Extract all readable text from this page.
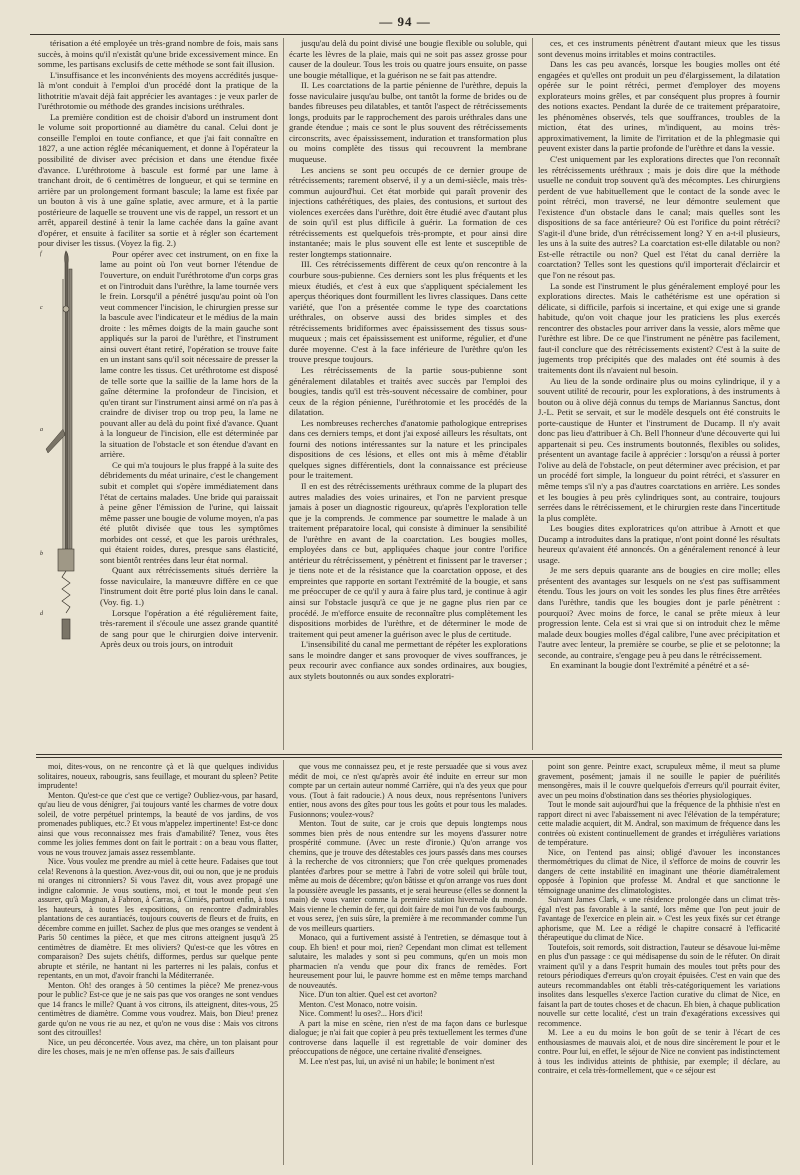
— 94 —

térisation a été employée un très-grand nombre de fois, mais sans succès, à moins qu'il n'existât qu'une bride excessivement mince. En somme, les partisans exclusifs de cette méthode se sont fait illusion.

L'insuffisance et les inconvénients des moyens accrédités jusque-là m'ont conduit à l'emploi d'un procédé dont la pratique de la lithotritie m'avait déjà fait apprécier les avantages : je veux parler de l'uréthrotomie ou méthode des grandes incisions uréthrales.

La première condition est de choisir d'abord un instrument dont le volume soit proportionné au diamètre du canal. Celui dont je conseille l'emploi en toute confiance, et que j'ai fait connaître en 1827, a une action réglée mécaniquement, et donne à l'opérateur la possibilité de diviser avec précision et dans une étendue fixée d'avance. L'uréthrotome à bascule est formé par une lame à tranchant droit, de 6 centimètres de longueur, et qui se termine en arrière par un prolongement formant bascule; la lame est fixée par un bouton à vis à une gaîne splatie, avec armure, et à la partie postérieure de laquelle se trouvent une vis de rappel, un ressort et un arrêt, appareil destiné à tenir la lame cachée dans la gaîne avant d'opérer, et ensuite à faciliter sa sortie et à régler son écartement pour diviser les tissus. (Voyez la fig. 2.)

f
c
a
b
d

Pour opérer avec cet instrument, on en fixe la lame au point où l'on veut borner l'étendue de l'ouverture, on enduit l'uréthrotome d'un corps gras et on l'introduit dans l'urèthre, la lame tournée vers le frein. Lorsqu'il a pénétré jusqu'au point où l'on veut commencer l'incision, le chirurgien presse sur la bascule avec l'indicateur et le médius de la main droite : les mêmes doigts de la main gauche sont appliqués sur la paroi de l'urèthre, et l'instrument ainsi ouvert étant retiré, l'opération se trouve faite en un instant sans qu'il soit nécessaire de presser la lame contre les tissus. Cet uréthrotome est disposé de telle sorte que la saillie de la lame hors de la gaîne détermine la profondeur de l'incision, et qu'en tirant sur l'instrument ainsi armé on n'a pas à craindre de diviser trop ou trop peu, la lame ne pouvant aller au delà du point fixé d'avance. Quant à la longueur de l'incision, elle est déterminée par la situation de l'obstacle et son étendue d'avant en arrière.

Ce qui m'a toujours le plus frappé à la suite des débridements du méat urinaire, c'est le changement subit et complet qui s'opère immédiatement dans l'état de certains malades. Une bride qui paraissait à peine gêner l'émission de l'urine, qui laissait même passer une bougie de volume moyen, n'a pas été plutôt divisée que tous les symptômes morbides ont cessé, et que les parois uréthrales, qui étaient roides, dures, presque sans élasticité, sont bientôt rentrées dans leur état normal.

Quant aux rétrécissements situés derrière la fosse naviculaire, la manœuvre diffère en ce que l'instrument doit être porté plus loin dans le canal. (Voy. fig. 1.)

Lorsque l'opération a été régulièrement faite, très-rarement il s'écoule une assez grande quantité de sang pour que le chirurgien doive intervenir. Après deux ou trois jours, on introduit

jusqu'au delà du point divisé une bougie flexible ou soluble, qui écarte les lèvres de la plaie, mais qui ne soit pas assez grosse pour causer de la douleur. Tous les trois ou quatre jours ensuite, on passe une bougie métallique, et la guérison ne se fait pas attendre.

II. Les coarctations de la partie pénienne de l'urèthre, depuis la fosse naviculaire jusqu'au bulbe, ont tantôt la forme de brides ou de bandes fibreuses peu dilatables, et tantôt l'aspect de rétrécissements longs, produits par le rapprochement des parois uréthrales dans une grande étendue ; mais ce sont le plus souvent des rétrécissements circonscrits, avec épaississement, induration et transformation plus ou moins complète des tissus qui recouvrent la membrane muqueuse.

Les anciens se sont peu occupés de ce dernier groupe de rétrécissements; rarement observé, il y a un demi-siècle, mais très-commun aujourd'hui. Cet état morbide qui paraît provenir des injections cathérétiques, des plaies, des contusions, et surtout des violences exercées dans l'urèthre, doit être étudié avec d'autant plus de soin qu'il est plus difficile à guérir. La formation de ces rétrécissements est quelquefois très-prompte, et pour ainsi dire instantanée; mais le plus souvent elle est lente et susceptible de rester longtemps stationnaire.

III. Ces rétrécissements diffèrent de ceux qu'on rencontre à la courbure sous-pubienne. Ces derniers sont les plus fréquents et les mieux étudiés, et c'est à eux que s'appliquent spécialement les aperçus théoriques dont fourmillent les livres classiques. Dans cette variété, que l'on a présentée comme le type des coarctations uréthrales, on observe aussi des brides simples et des rétrécissements bridiformes avec épaississement des tissus sous-muqueux ; mais cet épaississement est uniforme, régulier, et d'une durée moyenne. C'est à la face inférieure de l'urèthre qu'on les trouve presque toujours.

Les rétrécissements de la partie sous-pubienne sont généralement dilatables et traités avec succès par l'emploi des bougies, tandis qu'il est très-souvent nécessaire de combiner, pour ceux de la région pénienne, l'uréthrotomie et les procédés de la dilatation.

Les nombreuses recherches d'anatomie pathologique entreprises dans ces derniers temps, et dont j'ai exposé ailleurs les résultats, ont fourni des notions intéressantes sur la nature et les principales dispositions de ces lésions, et elles ont mis à même d'établir quelques signes différentiels, dont la connaissance est précieuse pour le traitement.

Il en est des rétrécissements uréthraux comme de la plupart des autres maladies des voies urinaires, et l'on ne parvient presque jamais à poser un diagnostic rigoureux, qu'après l'exploration telle que je la comprends. Je commence par soumettre le malade à un traitement préparatoire local, qui consiste à diminuer la sensibilité de l'urèthre en avant de la coarctation. Les bougies molles, employées dans ce but, appliquées chaque jour contre l'orifice antérieur du rétrécissement, y pénètrent et finissent par le traverser ; je tiens note et de la résistance que la coarctation oppose, et des empreintes que rapporte en sortant l'extrémité de la bougie, et sans me préoccuper de ce qu'il y aura à faire plus tard, je continue à agir ainsi sur l'obstacle jusqu'à ce que je ne gagne plus rien par ce procédé. Je m'efforce ensuite de reconnaître plus complètement les dispositions morbides de l'urèthre, et de déterminer le mode de traitement qui peut amener la guérison avec le plus de certitude.

L'insensibilité du canal me permettant de répéter les explorations sans le moindre danger et sans provoquer de vives souffrances, je peux recourir avec confiance aux sondes ordinaires, aux bougies, aux stylets boutonnés ou aux sondes exploratri-

ces, et ces instruments pénètrent d'autant mieux que les tissus sont devenus moins irritables et moins contractiles.

Dans les cas peu avancés, lorsque les bougies molles ont été engagées et qu'elles ont produit un peu d'élargissement, la dilatation opérée sur le point rétréci, permet d'employer des moyens explorateurs moins grêles, et par conséquent plus propres à fournir des notions exactes. Pendant la durée de ce traitement préparatoire, les phénomènes observés, tels que souffrances, troubles de la miction, état des urines, m'indiquent, au moins très-approximativement, la limite de l'irritation et de la phlegmasie qui peuvent exister dans la partie profonde de l'urèthre et dans la vessie.

C'est uniquement par les explorations directes que l'on reconnaît les rétrécissements uréthraux ; mais je dois dire que la méthode usuelle ne conduit trop souvent qu'à des mécomptes. Les chirurgiens perdent de vue habituellement que le contact de la sonde avec le point rétréci, mon traversé, ne leur démontre seulement que l'existence d'un obstacle dans le canal; mais quelles sont les dispositions de sa face antérieure? Où est l'orifice du point rétréci? S'agit-il d'une bride, d'un rétrécissement long? Y en a-t-il plusieurs, les uns à la suite des autres? La coarctation est-elle dilatable ou non? Est-elle rétractile ou non? Quel est l'état du canal derrière la coarctation? Telles sont les questions qu'il importerait d'éclaircir et que l'on ne résout pas.

La sonde est l'instrument le plus généralement employé pour les explorations directes. Mais le cathétérisme est une opération si délicate, si difficile, parfois si incertaine, et qui exige une si grande habitude, qu'on voit chaque jour les praticiens les plus exercés rencontrer des obstacles pour arriver dans la vessie, alors même que l'urèthre est libre. De ce que l'instrument ne pénètre pas facilement, faut-il conclure que des rétrécissements existent? C'est à la suite de jugements trop précipités que des malades ont été soumis à des traitements dont ils n'avaient nul besoin.

Au lieu de la sonde ordinaire plus ou moins cylindrique, il y a souvent utilité de recourir, pour les explorations, à des instruments à bouton ou à olive déjà connus du temps de Mariannus Sanctus, dont J.-L. Petit se servait, et sur le modèle desquels ont été construits le porte-caustique de Hunter et l'instrument de Ducamp. Il n'y avait donc pas lieu d'attribuer à Ch. Bell l'honneur d'une découverte qui lui appartenait si peu. Ces instruments boutonnés, flexibles ou solides, présentent un avantage facile à apprécier : lorsqu'on a réussi à porter l'olive au delà de l'obstacle, on peut déterminer avec précision, et par un procédé fort simple, la longueur du point rétréci, et s'assurer en même temps s'il n'y a pas d'autres coarctations en arrière. Les sondes et les bougies à peu près cylindriques sont, au contraire, toujours serrées dans le rétrécissement, et le chirurgien reste dans l'incertitude la plus complète.

Les bougies dites exploratrices qu'on attribue à Arnott et que Ducamp a introduites dans la pratique, n'ont point donné les résultats heureux qu'avaient été annoncés. On a généralement renoncé à leur usage.

Je me sers depuis quarante ans de bougies en cire molle; elles présentent des avantages sur lesquels on ne s'est pas suffisamment étendu. Tous les jours on voit les sondes les plus fines être arrêtées dans l'urèthre, tandis que les bougies dont je parle pénètrent : pourquoi? Avec moins de force, le canal se prête mieux à leur progression lente. Cela est si vrai que si on introduit chez le même malade deux bougies molles d'égal calibre, l'une avec précipitation et l'autre avec lenteur, la première se courbe, se plie et se pelotonne; la seconde, au contraire, s'engage peu à peu dans le rétrécissement.

En examinant la bougie dont l'extrémité a pénétré et a sé-

moi, dites-vous, on ne rencontre çà et là que quelques individus solitaires, noueux, rabougris, sans feuillage, et mourant du spleen? Petite imprudente!

Menton. Qu'est-ce que c'est que ce vertige? Oubliez-vous, par hasard, qu'au lieu de vous dénigrer, j'ai toujours vanté les charmes de votre doux soleil, de votre perpétuel printemps, la beauté de vos jardins, de vos promenades publiques, etc.? Et vous m'appelez impertinente! Est-ce donc ainsi que vous reconnaissez mes frais d'amabilité? Tenez, vous êtes comme les jolies femmes dont on fait le portrait : on a beau vous flatter, vous ne vous trouvez jamais assez ressemblante.

Nice. Vous voulez me prendre au miel à cette heure. Fadaises que tout cela! Revenons à la question. Avez-vous dit, oui ou non, que je ne produis ni oranges ni citronniers? Si vous l'avez dit, vous avez propagé une indigne calomnie. Je vous soutiens, moi, et tout le monde peut s'en assurer, qu'à Magnan, à Fabron, à Carras, à Cimiés, partout enfin, à tous les hauteurs, à toutes les expositions, on rencontre d'admirables plantations de ces aurantiacés, toujours couverts de fleurs et de fruits, en décembre comme en juillet. Sachez de plus que mes oranges se vendent à Paris 50 centimes la pièce, et que mes citrons atteignent jusqu'à 25 centimètres de diamètre. Et mes oliviers? Qu'est-ce que les vôtres en comparaison? Des sujets chétifs, difformes, perdus sur quelque pente abrupte et stérile, ne hantant ni les parterres ni les palais, confus et repentants, en un mot, d'avoir franchi la Méditerranée.

Menton. Oh! des oranges à 50 centimes la pièce? Me prenez-vous pour le public? Est-ce que je ne sais pas que vos oranges ne sont vendues que 14 francs le mille? Quant à vos citrons, ils atteignent, dites-vous, 25 centimètres de diamètre. Comme vous voudrez. Mais, bon Dieu! prenez garde qu'on ne vous rie au nez, et qu'on ne vous dise : Mais vos citrons sont des citrouilles!

Nice, un peu déconcertée. Vous avez, ma chère, un ton plaisant pour dire les choses, mais je ne m'en offense pas. Je sais d'ailleurs

que vous me connaissez peu, et je reste persuadée que si vous avez médit de moi, ce n'est qu'après avoir été induite en erreur sur mon compte par un certain auteur nommé Carrière, qui n'a des yeux que pour vous. (Tout à fait radoucie.) A nous deux, nous représentons l'univers entier, nous avons des gîtes pour tous les goûts et pour tous les malades. Fusionnons; voulez-vous?

Menton. Tout de suite, car je crois que depuis longtemps nous sommes bien près de nous entendre sur les moyens d'assurer notre prospérité commune. (Avec un reste d'ironie.) Qu'on arrange vos chemins, que je trouve des détestables ces jours passés dans mes courses à la recherche de vos citronniers; que l'on crée quelques promenades plantées d'arbres pour se mettre à l'abri de votre soleil qui brûle tout, même au mois de décembre; qu'on bâtisse et qu'on arrange vos rues dont la poussière aveugle les passants, et je serai heureuse (elles se donnent la main) de vous vanter comme la première station hivernale du monde. Mais vienne le chemin de fer, qui doit faire de moi l'un de vos faubourgs, et vous serez, j'en suis sûre, la première à me recommander comme l'un de vos meilleurs quartiers.

Monaco, qui a furtivement assisté à l'entretien, se démasque tout à coup. Eh bien! et pour moi, rien? Cependant mon climat est tellement salutaire, les malades y sont si peu communs, qu'en un mois mon pharmacien n'a vendu que pour dix francs de remèdes. Fort heureusement pour lui, le pauvre homme est en même temps marchand de nouveautés.

Nice. D'un ton altier. Quel est cet avorton?

Menton. C'est Monaco, notre voisin.

Nice. Comment! lu oses?... Hors d'ici!

A part la mise en scène, rien n'est de ma façon dans ce burlesque dialogue; je n'ai fait que copier à peu près textuellement les termes d'une controverse dans laquelle il est regrettable de voir dominer des préoccupations de négoce, une certaine rivalité d'enseignes.

M. Lee n'est pas, lui, un avisé ni un habile; le boniment n'est

point son genre. Peintre exact, scrupuleux même, il meut sa plume gravement, posément; jamais il ne souille le papier de puérilités mensongères, mais il le couvre quelquefois d'erreurs qu'il pourrait éviter, avec un peu moins d'obstination dans ses théories physiologiques.

Tout le monde sait aujourd'hui que la fréquence de la phthisie n'est en rapport direct ni avec l'abaissement ni avec l'élévation de la température; cette maladie acquiert, dit M. Andral, son maximum de fréquence dans les contrées où existent continuellement de grandes et irrégulières variations de température.

Nice, on l'entend pas ainsi; obligé d'avouer les inconstances thermométriques du climat de Nice, il s'efforce de moins de couvrir les dangers de cette instabilité en imaginant une théorie diamétralement opposée à l'opinion que professe M. Andral et que sanctionne le témoignage unanime des climatologistes.

Suivant James Clark, « une résidence prolongée dans un climat très-égal n'est pas favorable à la santé, lors même que l'on peut jouir de l'avantage de l'exercice en plein air. » C'est les yeux fixés sur cet étrange aphorisme, que M. Lee a rédigé le chapitre consacré à l'efficacité thérapeutique du climat de Nice.

Toutefois, soit remords, soit distraction, l'auteur se désavoue lui-même en plus d'un passage : ce qui médisapense du soin de le réfuter. On dirait vraiment qu'il y a dans l'esprit humain des moules tout prêts pour des retours périodiques d'erreurs qu'on croyait épuisées. C'est en vain que des auteurs recommandables ont établi très-catégoriquement les variations insolites dans lesquelles s'exerce l'action curative du climat de Nice, en faisant la part de toutes choses et de chacun. Eh bien, à chaque publication nouvelle sur cette localité, c'est un train d'exagérations excessives qui recommence.

M. Lee a eu du moins le bon goût de se tenir à l'écart de ces enthousiasmes de mauvais aloi, et de nous dire sincèrement le pour et le contre. Pour lui, en effet, le séjour de Nice ne convient pas indistinctement à tous les individus atteints de phthisie, par exemple; il déclare, au contraire, et cela très-formellement, que « ce séjour est
